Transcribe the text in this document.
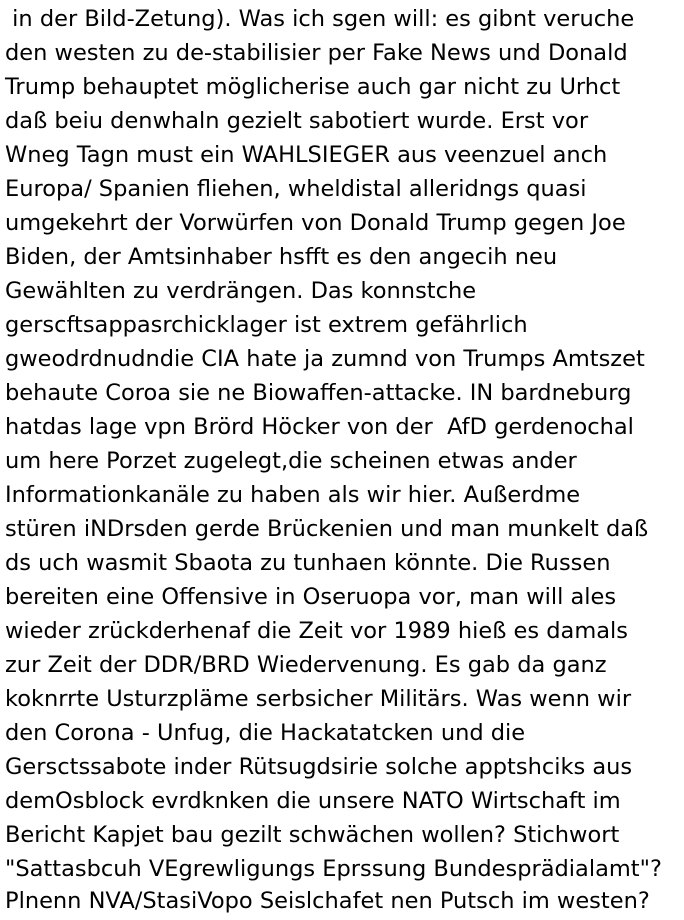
in der Bild-Zetung). Was ich sgen will: es gibnt veruche
den westen zu de-stabilisier per Fake News und Donald
Trump behauptet möglicherise auch gar nicht zu Urhct
daß beiu denwhaln gezielt sabotiert wurde. Erst vor
Wneg Tagn must ein WAHLSIEGER aus veenzuel anch
Europa/ Spanien fliehen, wheldistal alleridngs quasi
umgekehrt der Vorwürfen von Donald Trump gegen Joe
Biden, der Amtsinhaber hsfft es den angecih neu
Gewählten zu verdrängen. Das konnstche
gerscftsappasrchicklager ist extrem gefährlich
gweodrdnudndie CIA hate ja zumnd von Trumps Amtszet
behaute Coroa sie ne Biowaffen-attacke. IN bardneburg
hatdas lage vpn Brörd Höcker von der  AfD gerdenochal
um here Porzet zugelegt,die scheinen etwas ander
Informationkanäle zu haben als wir hier. Außerdme
stüren iNDrsden gerde Brückenien und man munkelt daß
ds uch wasmit Sbaota zu tunhaen könnte. Die Russen
bereiten eine Offensive in Oseruopa vor, man will ales
wieder zrückderhenaf die Zeit vor 1989 hieß es damals
zur Zeit der DDR/BRD Wiedervenung. Es gab da ganz
koknrrte Usturzpläme serbsicher Militärs. Was wenn wir
den Corona - Unfug, die Hackatatcken und die
Gersctssabote inder Rütsugdsirie solche apptshciks aus
demOsblock evrdknken die unsere NATO Wirtschaft im
Bericht Kapjet bau gezilt schwächen wollen? Stichwort
"Sattasbcuh VEgrewligungs Eprssung Bundesprädialamt"?
Plnenn NVA/StasiVopo Seislchafet nen Putsch im westen?
